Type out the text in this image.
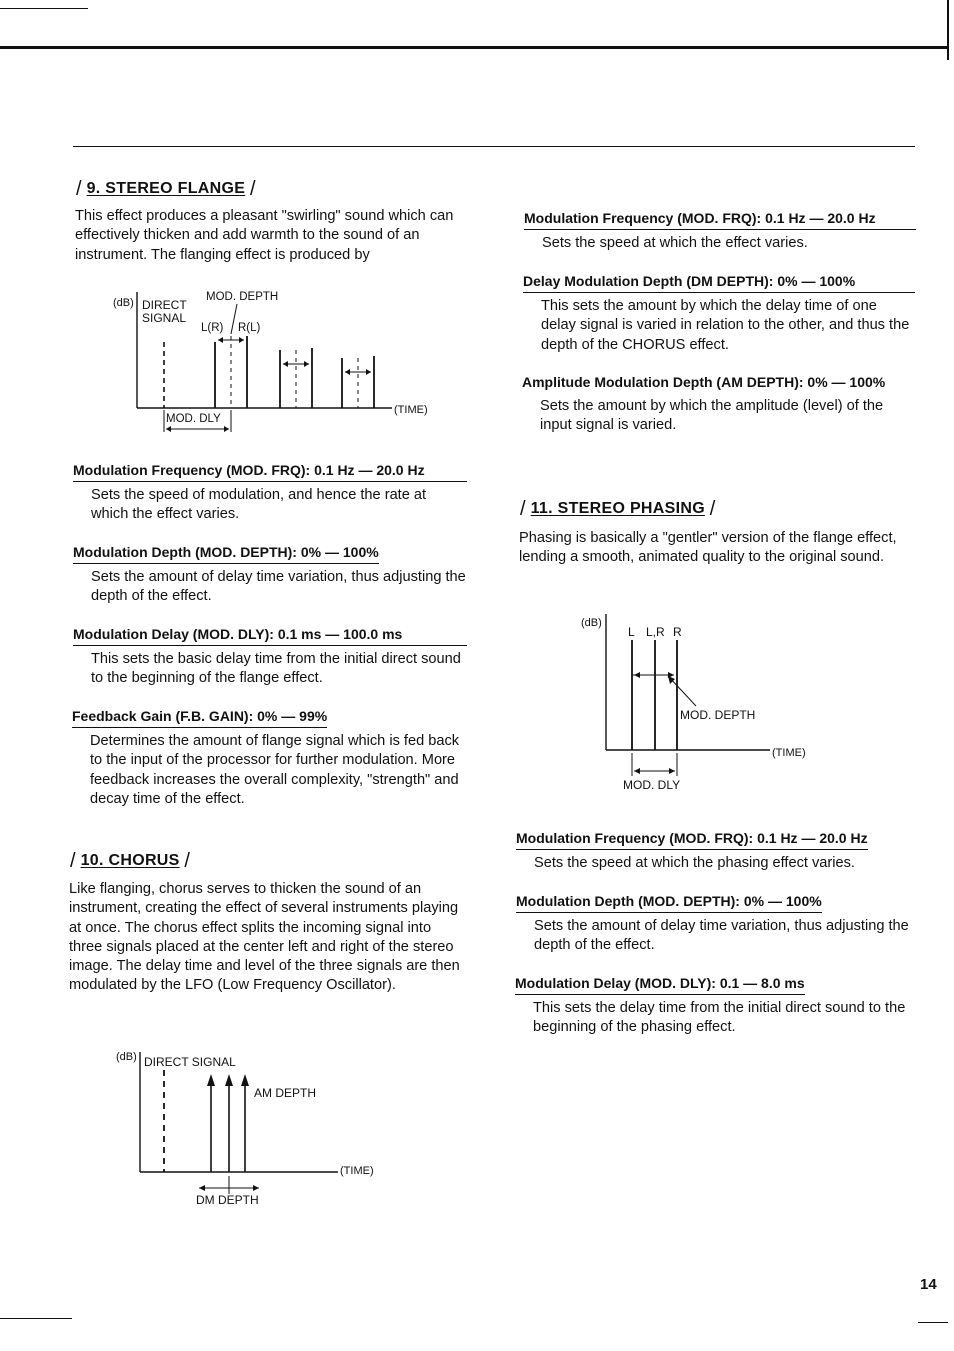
/ 9. STEREO FLANGE /
This effect produces a pleasant "swirling" sound which can effectively thicken and add warmth to the sound of an instrument. The flanging effect is produced by
(dB) DIRECT
SIGNAL
MOD. DEPTH
L(R) R(L)
(TIME)
MOD. DLY
Modulation Frequency (MOD. FRQ): 0.1 Hz — 20.0 Hz
Sets the speed of modulation, and hence the rate at which the effect varies.
Modulation Depth (MOD. DEPTH): 0% — 100%
Sets the amount of delay time variation, thus adjusting the depth of the effect.
Modulation Delay (MOD. DLY): 0.1 ms — 100.0 ms
This sets the basic delay time from the initial direct sound to the beginning of the flange effect.
Feedback Gain (F.B. GAIN): 0% — 99%
Determines the amount of flange signal which is fed back to the input of the processor for further modulation. More feedback increases the overall complexity, "strength" and decay time of the effect.
/ 10. CHORUS /
Like flanging, chorus serves to thicken the sound of an instrument, creating the effect of several instruments playing at once. The chorus effect splits the incoming signal into three signals placed at the center left and right of the stereo image. The delay time and level of the three signals are then modulated by the LFO (Low Frequency Oscillator).
(dB) DIRECT SIGNAL
AM DEPTH
(TIME)
DM DEPTH
Modulation Frequency (MOD. FRQ): 0.1 Hz — 20.0 Hz
Sets the speed at which the effect varies.
Delay Modulation Depth (DM DEPTH): 0% — 100%
This sets the amount by which the delay time of one delay signal is varied in relation to the other, and thus the depth of the CHORUS effect.
Amplitude Modulation Depth (AM DEPTH): 0% — 100%
Sets the amount by which the amplitude (level) of the input signal is varied.
/ 11. STEREO PHASING /
Phasing is basically a "gentler" version of the flange effect, lending a smooth, animated quality to the original sound.
(dB)
L L,R R
MOD. DEPTH
(TIME)
MOD. DLY
Modulation Frequency (MOD. FRQ): 0.1 Hz — 20.0 Hz
Sets the speed at which the phasing effect varies.
Modulation Depth (MOD. DEPTH): 0% — 100%
Sets the amount of delay time variation, thus adjusting the depth of the effect.
Modulation Delay (MOD. DLY): 0.1 — 8.0 ms
This sets the delay time from the initial direct sound to the beginning of the phasing effect.
14
